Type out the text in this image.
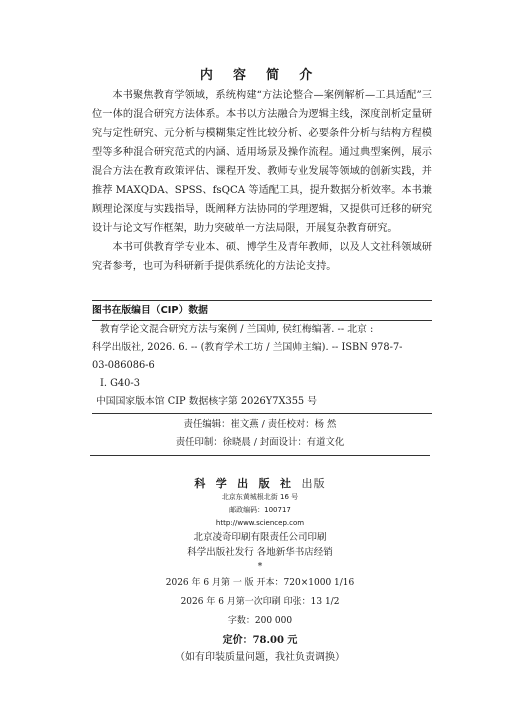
内 容 简 介

本书聚焦教育学领域，系统构建“方法论整合—案例解析—工具适配”三位一体的混合研究方法体系。本书以方法融合为逻辑主线，深度剖析定量研究与定性研究、元分析与模糊集定性比较分析、必要条件分析与结构方程模型等多种混合研究范式的内涵、适用场景及操作流程。通过典型案例，展示混合方法在教育政策评估、课程开发、教师专业发展等领域的创新实践，并推荐 MAXQDA、SPSS、fsQCA 等适配工具，提升数据分析效率。本书兼顾理论深度与实践指导，既阐释方法协同的学理逻辑，又提供可迁移的研究设计与论文写作框架，助力突破单一方法局限，开展复杂教育研究。

本书可供教育学专业本、硕、博学生及青年教师，以及人文社科领域研究者参考，也可为科研新手提供系统化的方法论支持。

图书在版编目（CIP）数据
教育学论文混合研究方法与案例 / 兰国帅, 侯红梅编著. -- 北京 :
科学出版社, 2026. 6. -- (教育学术工坊 / 兰国帅主编). -- ISBN 978-7-
03-086086-6
Ⅰ. G40-3
中国国家版本馆 CIP 数据核字第 2026Y7X355 号
责任编辑：崔文燕 / 责任校对：杨 然
责任印制：徐晓晨 / 封面设计：有道文化
科 学 出 版 社 出版
北京东黄城根北街 16 号
邮政编码：100717
http://www.sciencep.com
北京凌奇印刷有限责任公司印刷
科学出版社发行 各地新华书店经销
*
2026 年 6 月第 一 版 开本：720×1000 1/16
2026 年 6 月第一次印刷 印张：13 1/2
字数：200 000
定价：78.00 元
（如有印装质量问题，我社负责调换）
